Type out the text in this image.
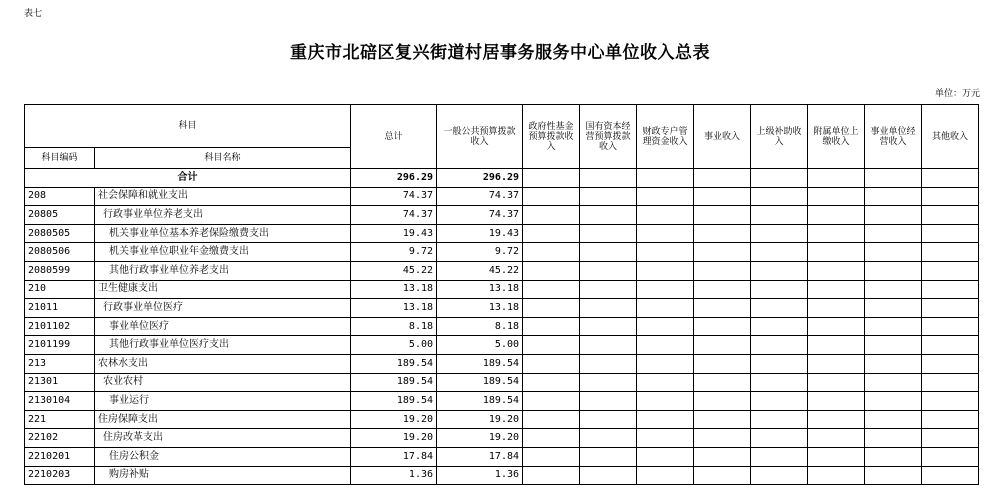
表七
重庆市北碚区复兴街道村居事务服务中心单位收入总表
单位：万元
科目		总计	一般公共预算拨款收入	政府性基金预算拨款收入	国有资本经营预算拨款收入	财政专户管理资金收入	事业收入	上级补助收入	附属单位上缴收入	事业单位经营收入	其他收入
科目编码	科目名称										
合计		296.29	296.29								
208	社会保障和就业支出	74.37	74.37								
20805	行政事业单位养老支出	74.37	74.37								
2080505	机关事业单位基本养老保险缴费支出	19.43	19.43								
2080506	机关事业单位职业年金缴费支出	9.72	9.72								
2080599	其他行政事业单位养老支出	45.22	45.22								
210	卫生健康支出	13.18	13.18								
21011	行政事业单位医疗	13.18	13.18								
2101102	事业单位医疗	8.18	8.18								
2101199	其他行政事业单位医疗支出	5.00	5.00								
213	农林水支出	189.54	189.54								
21301	农业农村	189.54	189.54								
2130104	事业运行	189.54	189.54								
221	住房保障支出	19.20	19.20								
22102	住房改革支出	19.20	19.20								
2210201	住房公积金	17.84	17.84								
2210203	购房补贴	1.36	1.36								
